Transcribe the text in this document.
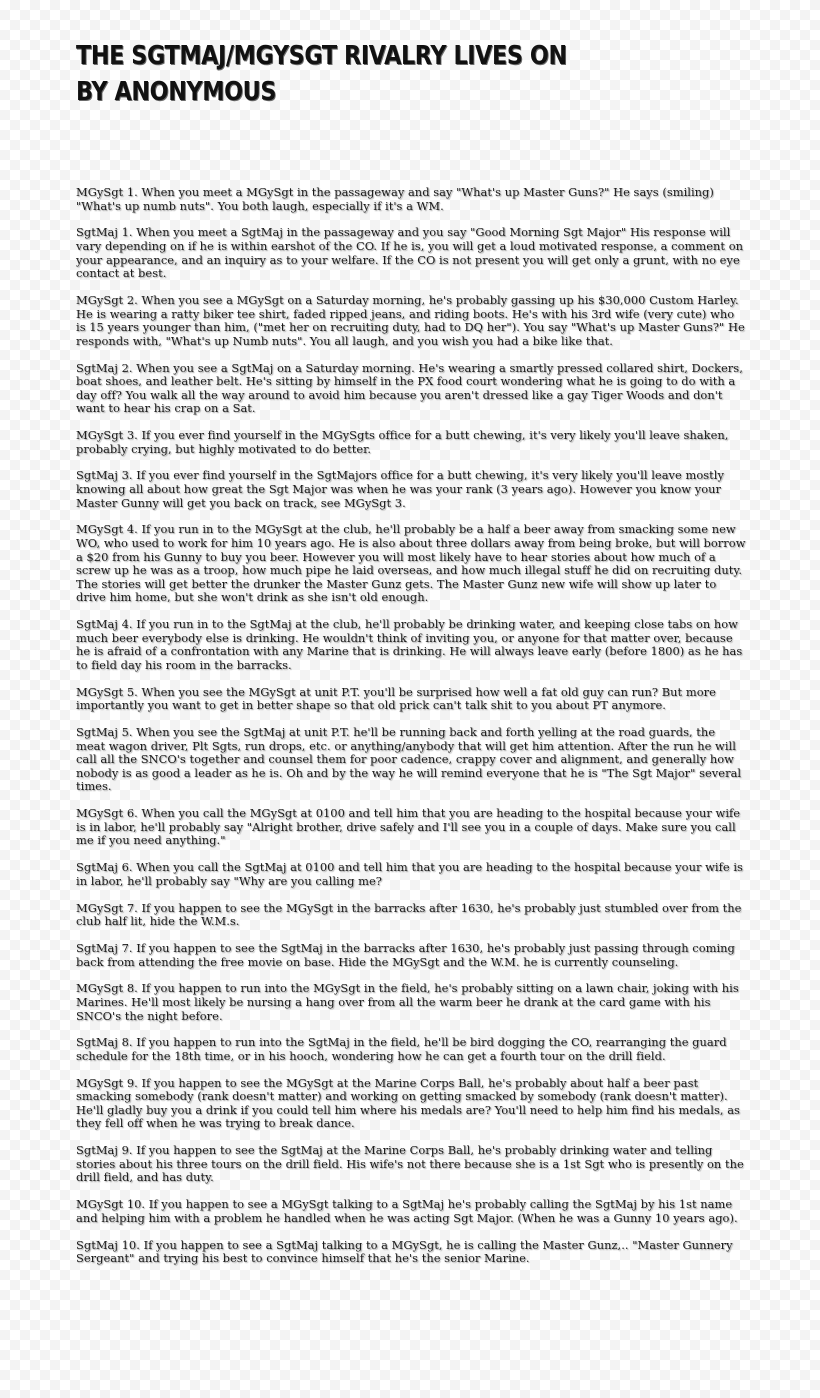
THE SGTMAJ/MGYSGT RIVALRY LIVES ON
BY ANONYMOUS

MGySgt 1. When you meet a MGySgt in the passageway and say "What's up Master Guns?" He says (smiling) "What's up numb nuts". You both laugh, especially if it's a WM.

SgtMaj 1. When you meet a SgtMaj in the passageway and you say "Good Morning Sgt Major" His response will vary depending on if he is within earshot of the CO. If he is, you will get a loud motivated response, a comment on your appearance, and an inquiry as to your welfare. If the CO is not present you will get only a grunt, with no eye contact at best.

MGySgt 2. When you see a MGySgt on a Saturday morning, he's probably gassing up his $30,000 Custom Harley. He is wearing a ratty biker tee shirt, faded ripped jeans, and riding boots. He's with his 3rd wife (very cute) who is 15 years younger than him, ("met her on recruiting duty, had to DQ her"). You say "What's up Master Guns?" He responds with, "What's up Numb nuts". You all laugh, and you wish you had a bike like that.

SgtMaj 2. When you see a SgtMaj on a Saturday morning. He's wearing a smartly pressed collared shirt, Dockers, boat shoes, and leather belt. He's sitting by himself in the PX food court wondering what he is going to do with a day off? You walk all the way around to avoid him because you aren't dressed like a gay Tiger Woods and don't want to hear his crap on a Sat.

MGySgt 3. If you ever find yourself in the MGySgts office for a butt chewing, it's very likely you'll leave shaken, probably crying, but highly motivated to do better.

SgtMaj 3. If you ever find yourself in the SgtMajors office for a butt chewing, it's very likely you'll leave mostly knowing all about how great the Sgt Major was when he was your rank (3 years ago). However you know your Master Gunny will get you back on track, see MGySgt 3.

MGySgt 4. If you run in to the MGySgt at the club, he'll probably be a half a beer away from smacking some new WO, who used to work for him 10 years ago. He is also about three dollars away from being broke, but will borrow a $20 from his Gunny to buy you beer. However you will most likely have to hear stories about how much of a screw up he was as a troop, how much pipe he laid overseas, and how much illegal stuff he did on recruiting duty.
The stories will get better the drunker the Master Gunz gets. The Master Gunz new wife will show up later to drive him home, but she won't drink as she isn't old enough.

SgtMaj 4. If you run in to the SgtMaj at the club, he'll probably be drinking water, and keeping close tabs on how much beer everybody else is drinking. He wouldn't think of inviting you, or anyone for that matter over, because he is afraid of a confrontation with any Marine that is drinking. He will always leave early (before 1800) as he has to field day his room in the barracks.

MGySgt 5. When you see the MGySgt at unit P.T. you'll be surprised how well a fat old guy can run? But more importantly you want to get in better shape so that old prick can't talk shit to you about PT anymore.

SgtMaj 5. When you see the SgtMaj at unit P.T. he'll be running back and forth yelling at the road guards, the meat wagon driver, Plt Sgts, run drops, etc. or anything/anybody that will get him attention. After the run he will call all the SNCO's together and counsel them for poor cadence, crappy cover and alignment, and generally how nobody is as good a leader as he is. Oh and by the way he will remind everyone that he is "The Sgt Major" several times.

MGySgt 6. When you call the MGySgt at 0100 and tell him that you are heading to the hospital because your wife is in labor, he'll probably say "Alright brother, drive safely and I'll see you in a couple of days. Make sure you call me if you need anything."

SgtMaj 6. When you call the SgtMaj at 0100 and tell him that you are heading to the hospital because your wife is in labor, he'll probably say "Why are you calling me?

MGySgt 7. If you happen to see the MGySgt in the barracks after 1630, he's probably just stumbled over from the club half lit, hide the W.M.s.

SgtMaj 7. If you happen to see the SgtMaj in the barracks after 1630, he's probably just passing through coming back from attending the free movie on base. Hide the MGySgt and the W.M. he is currently counseling.

MGySgt 8. If you happen to run into the MGySgt in the field, he's probably sitting on a lawn chair, joking with his Marines. He'll most likely be nursing a hang over from all the warm beer he drank at the card game with his SNCO's the night before.

SgtMaj 8. If you happen to run into the SgtMaj in the field, he'll be bird dogging the CO, rearranging the guard schedule for the 18th time, or in his hooch, wondering how he can get a fourth tour on the drill field.

MGySgt 9. If you happen to see the MGySgt at the Marine Corps Ball, he's probably about half a beer past smacking somebody (rank doesn't matter) and working on getting smacked by somebody (rank doesn't matter). He'll gladly buy you a drink if you could tell him where his medals are? You'll need to help him find his medals, as they fell off when he was trying to break dance.

SgtMaj 9. If you happen to see the SgtMaj at the Marine Corps Ball, he's probably drinking water and telling stories about his three tours on the drill field. His wife's not there because she is a 1st Sgt who is presently on the drill field, and has duty.

MGySgt 10. If you happen to see a MGySgt talking to a SgtMaj he's probably calling the SgtMaj by his 1st name and helping him with a problem he handled when he was acting Sgt Major. (When he was a Gunny 10 years ago).

SgtMaj 10. If you happen to see a SgtMaj talking to a MGySgt, he is calling the Master Gunz,.. "Master Gunnery Sergeant" and trying his best to convince himself that he's the senior Marine.
